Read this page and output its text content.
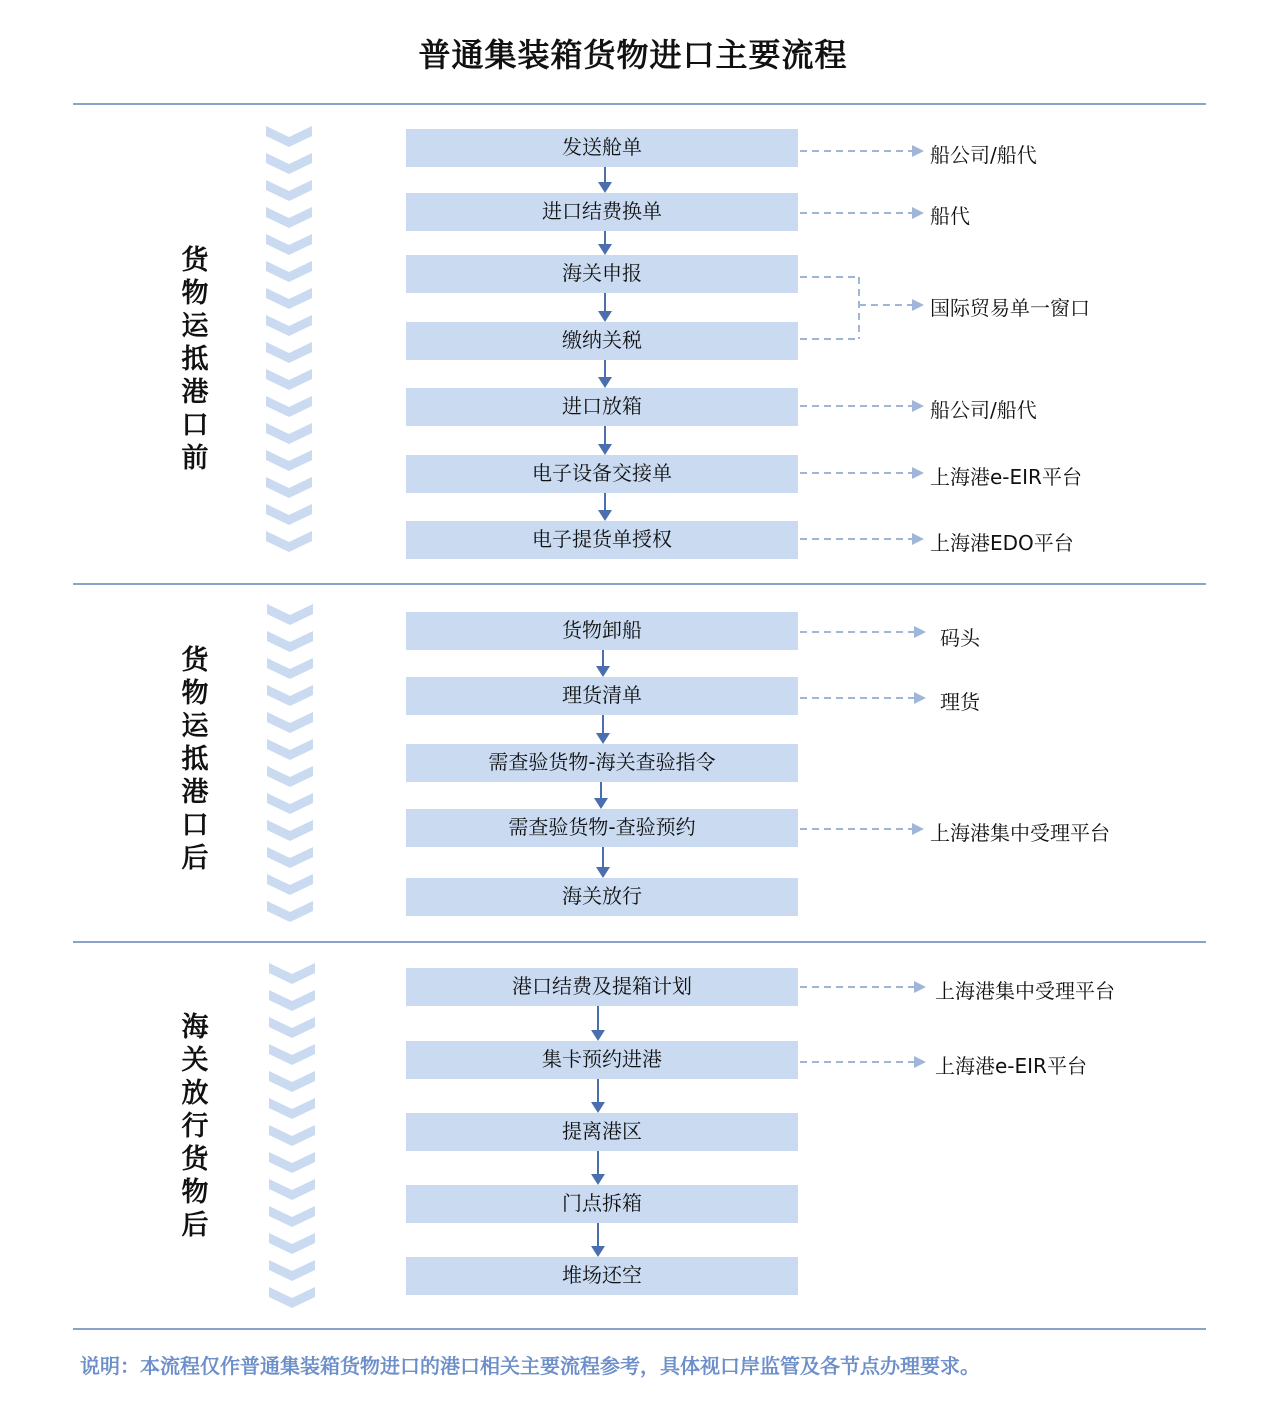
普通集装箱货物进口主要流程
货
物
运
抵
港
口
前
货
物
运
抵
港
口
后
海
关
放
行
货
物
后
发送舱单
进口结费换单
海关申报
缴纳关税
进口放箱
电子设备交接单
电子提货单授权
货物卸船
理货清单
需查验货物-海关查验指令
需查验货物-查验预约
海关放行
港口结费及提箱计划
集卡预约进港
提离港区
门点拆箱
堆场还空
船公司/船代
船代
国际贸易单一窗口
船公司/船代
上海港e-EIR平台
上海港EDO平台
码头
理货
上海港集中受理平台
上海港集中受理平台
上海港e-EIR平台
说明：本流程仅作普通集装箱货物进口的港口相关主要流程参考，具体视口岸监管及各节点办理要求。
